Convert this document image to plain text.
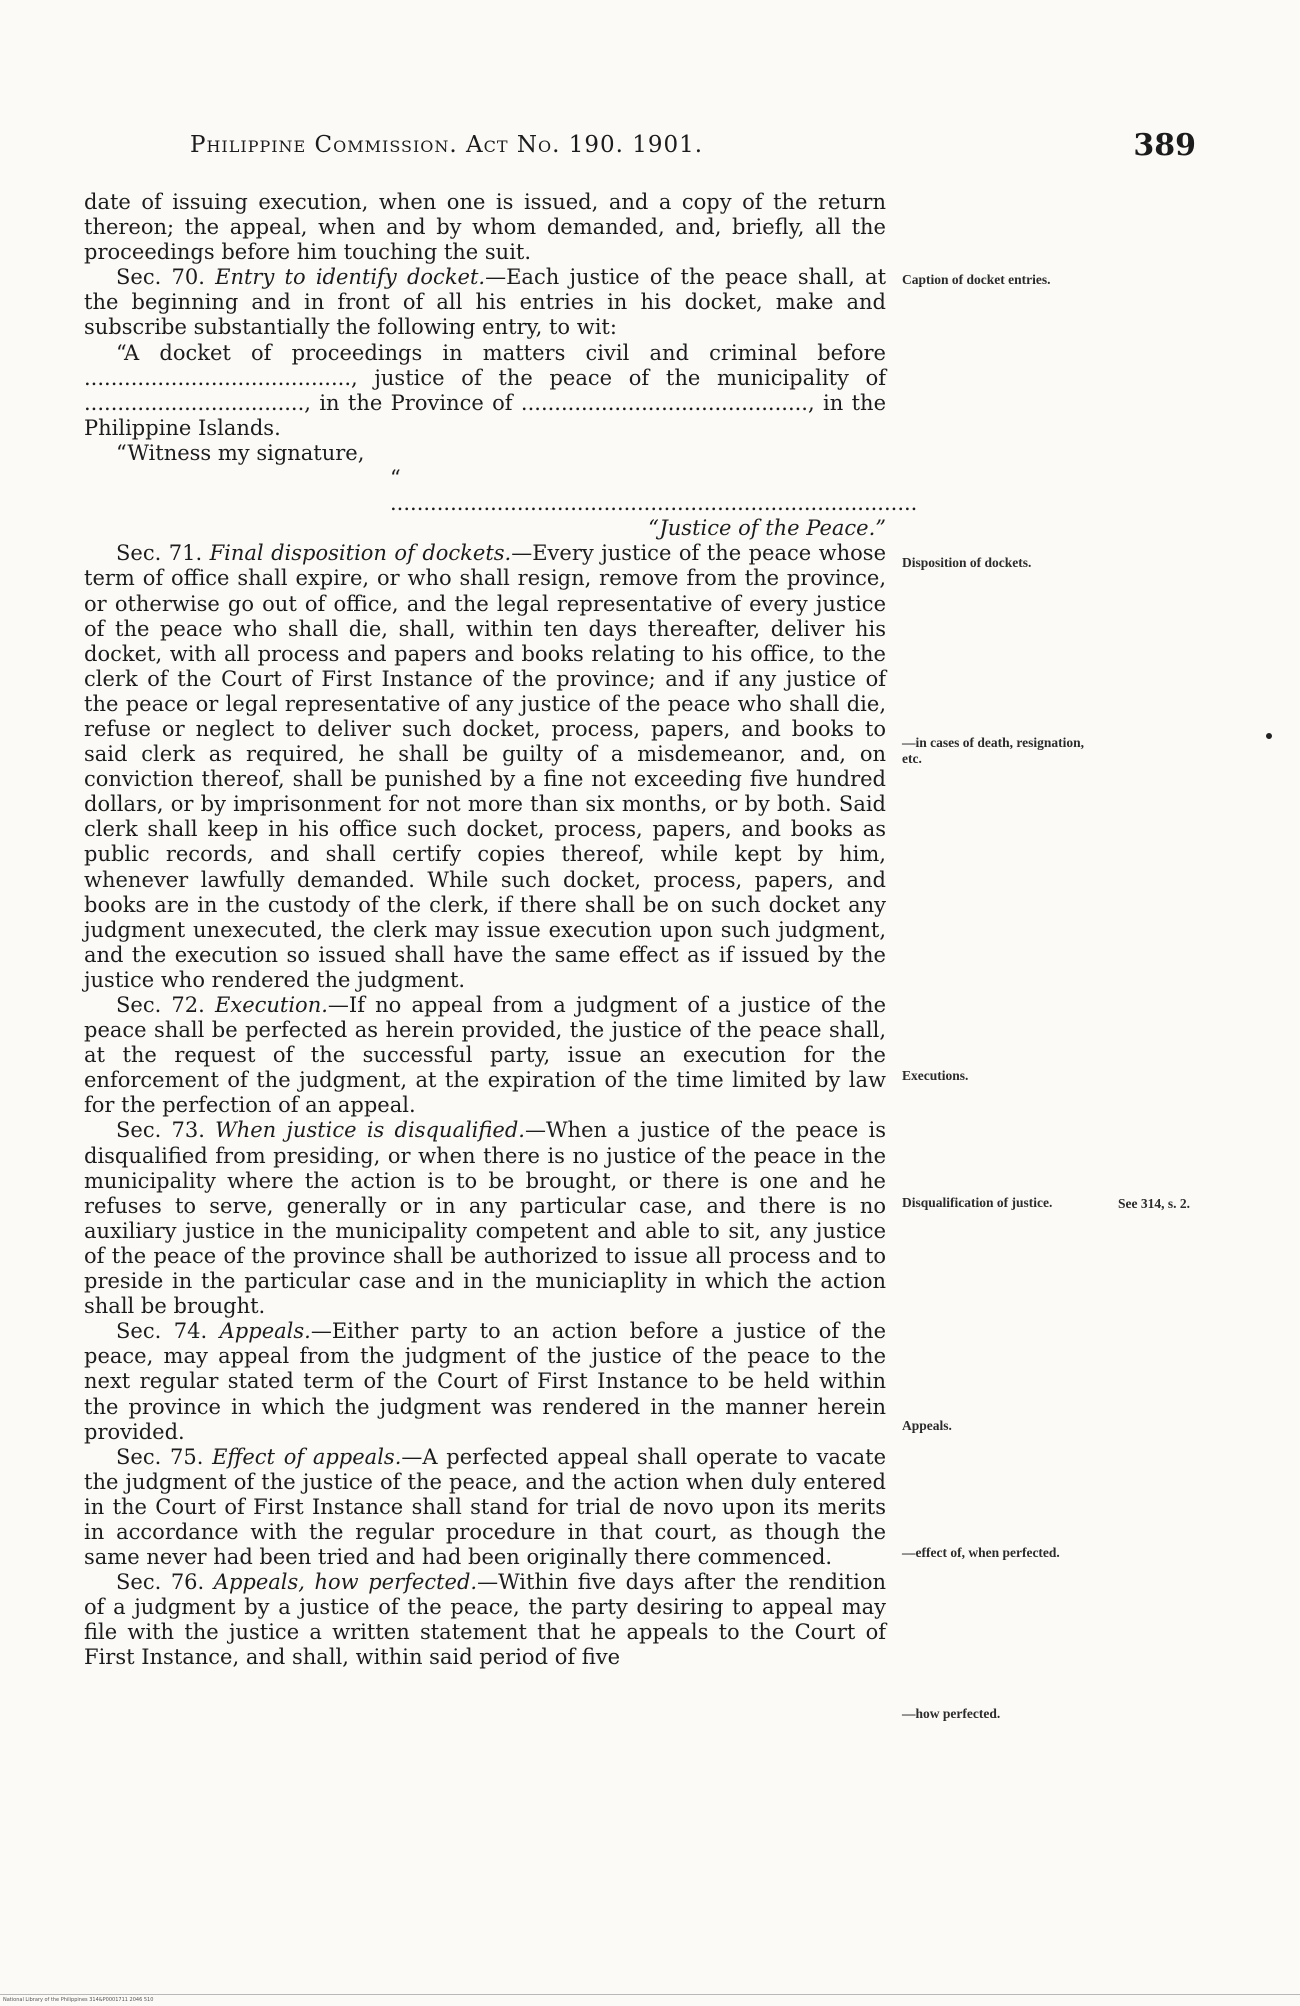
Philippine Commission. Act No. 190. 1901.	389

date of issuing execution, when one is issued, and a copy of the return thereon; the appeal, when and by whom demanded, and, briefly, all the proceedings before him touching the suit.

Sec. 70. Entry to identify docket.—Each justice of the peace shall, at the beginning and in front of all his entries in his docket, make and subscribe substantially the following entry, to wit:

“A docket of proceedings in matters civil and criminal before ........................................, justice of the peace of the municipality of ................................., in the Province of ..........................................., in the Philippine Islands.

“Witness my signature,

“ ...............................................................................

“Justice of the Peace.”

Sec. 71. Final disposition of dockets.—Every justice of the peace whose term of office shall expire, or who shall resign, remove from the province, or otherwise go out of office, and the legal representative of every justice of the peace who shall die, shall, within ten days thereafter, deliver his docket, with all process and papers and books relating to his office, to the clerk of the Court of First Instance of the province; and if any justice of the peace or legal representative of any justice of the peace who shall die, refuse or neglect to deliver such docket, process, papers, and books to said clerk as required, he shall be guilty of a misdemeanor, and, on conviction thereof, shall be punished by a fine not exceeding five hundred dollars, or by imprisonment for not more than six months, or by both. Said clerk shall keep in his office such docket, process, papers, and books as public records, and shall certify copies thereof, while kept by him, whenever lawfully demanded. While such docket, process, papers, and books are in the custody of the clerk, if there shall be on such docket any judgment unexecuted, the clerk may issue execution upon such judgment, and the execution so issued shall have the same effect as if issued by the justice who rendered the judgment.

Sec. 72. Execution.—If no appeal from a judgment of a justice of the peace shall be perfected as herein provided, the justice of the peace shall, at the request of the successful party, issue an execution for the enforcement of the judgment, at the expiration of the time limited by law for the perfection of an appeal.

Sec. 73. When justice is disqualified.—When a justice of the peace is disqualified from presiding, or when there is no justice of the peace in the municipality where the action is to be brought, or there is one and he refuses to serve, generally or in any particular case, and there is no auxiliary justice in the municipality competent and able to sit, any justice of the peace of the province shall be authorized to issue all process and to preside in the particular case and in the municiaplity in which the action shall be brought.

Sec. 74. Appeals.—Either party to an action before a justice of the peace, may appeal from the judgment of the justice of the peace to the next regular stated term of the Court of First Instance to be held within the province in which the judgment was rendered in the manner herein provided.

Sec. 75. Effect of appeals.—A perfected appeal shall operate to vacate the judgment of the justice of the peace, and the action when duly entered in the Court of First Instance shall stand for trial de novo upon its merits in accordance with the regular procedure in that court, as though the same never had been tried and had been originally there commenced.

Sec. 76. Appeals, how perfected.—Within five days after the rendition of a judgment by a justice of the peace, the party desiring to appeal may file with the justice a written statement that he appeals to the Court of First Instance, and shall, within said period of five

Caption of docket entries.
Disposition of dockets.
—in cases of death, resignation, etc.
Executions.
Disqualification of justice.	See 314, s. 2.
Appeals.
—effect of, when perfected.
—how perfected.
National Library of the Philippines 314&P0001711 2046 510
